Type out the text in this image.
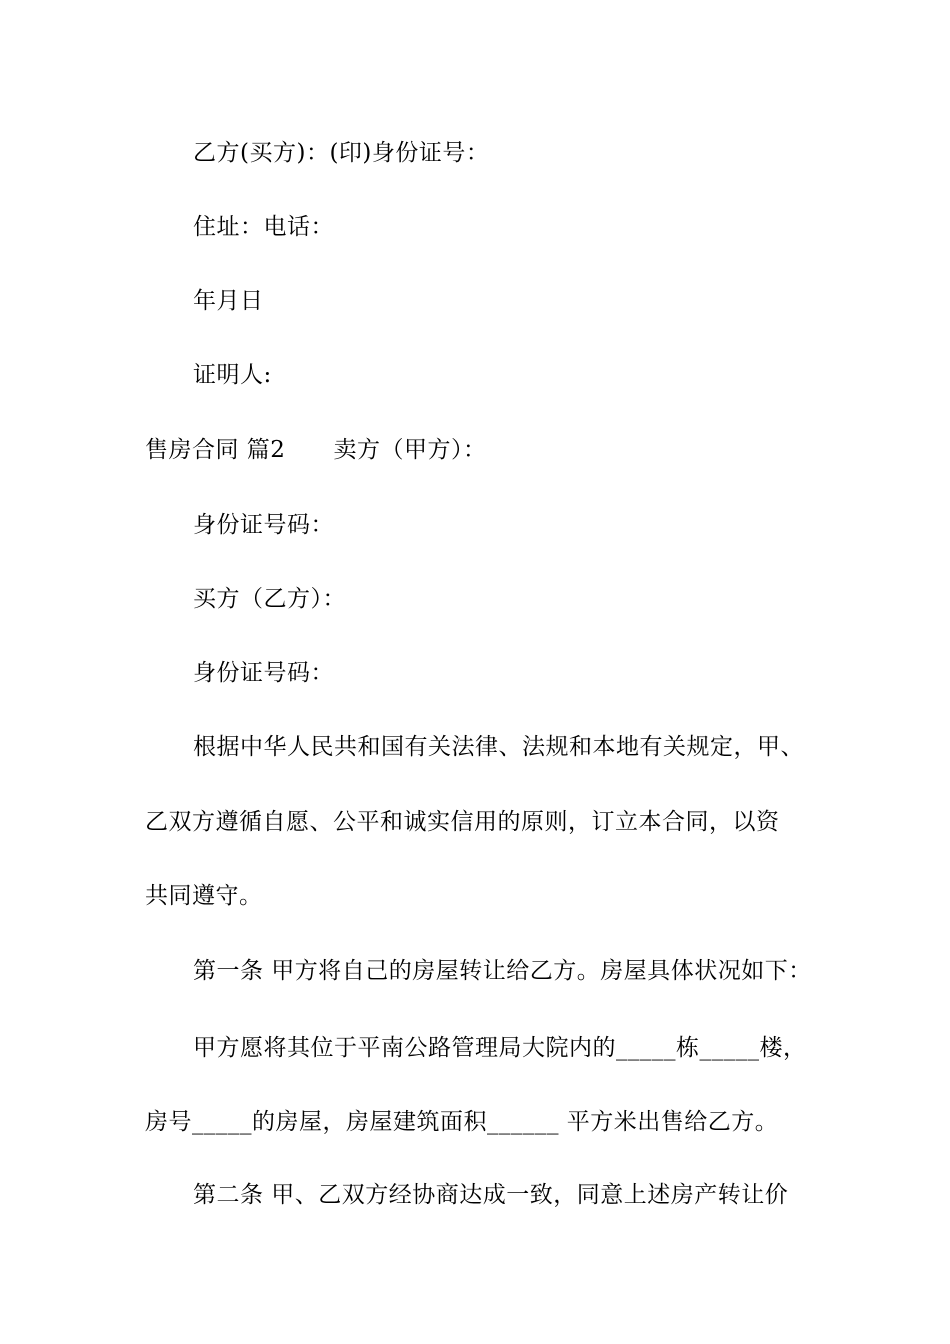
乙方(买方)：(印)身份证号：
住址：电话：
年月日
证明人:
售房合同 篇2 卖方（甲方）：
身份证号码：
买方（乙方）：
身份证号码：
根据中华人民共和国有关法律、法规和本地有关规定，甲、
乙双方遵循自愿、公平和诚实信用的原则，订立本合同，以资
共同遵守。
第一条 甲方将自己的房屋转让给乙方。房屋具体状况如下：
甲方愿将其位于平南公路管理局大院内的_____栋_____楼，
房号_____的房屋，房屋建筑面积______ 平方米出售给乙方。
第二条 甲、乙双方经协商达成一致，同意上述房产转让价
